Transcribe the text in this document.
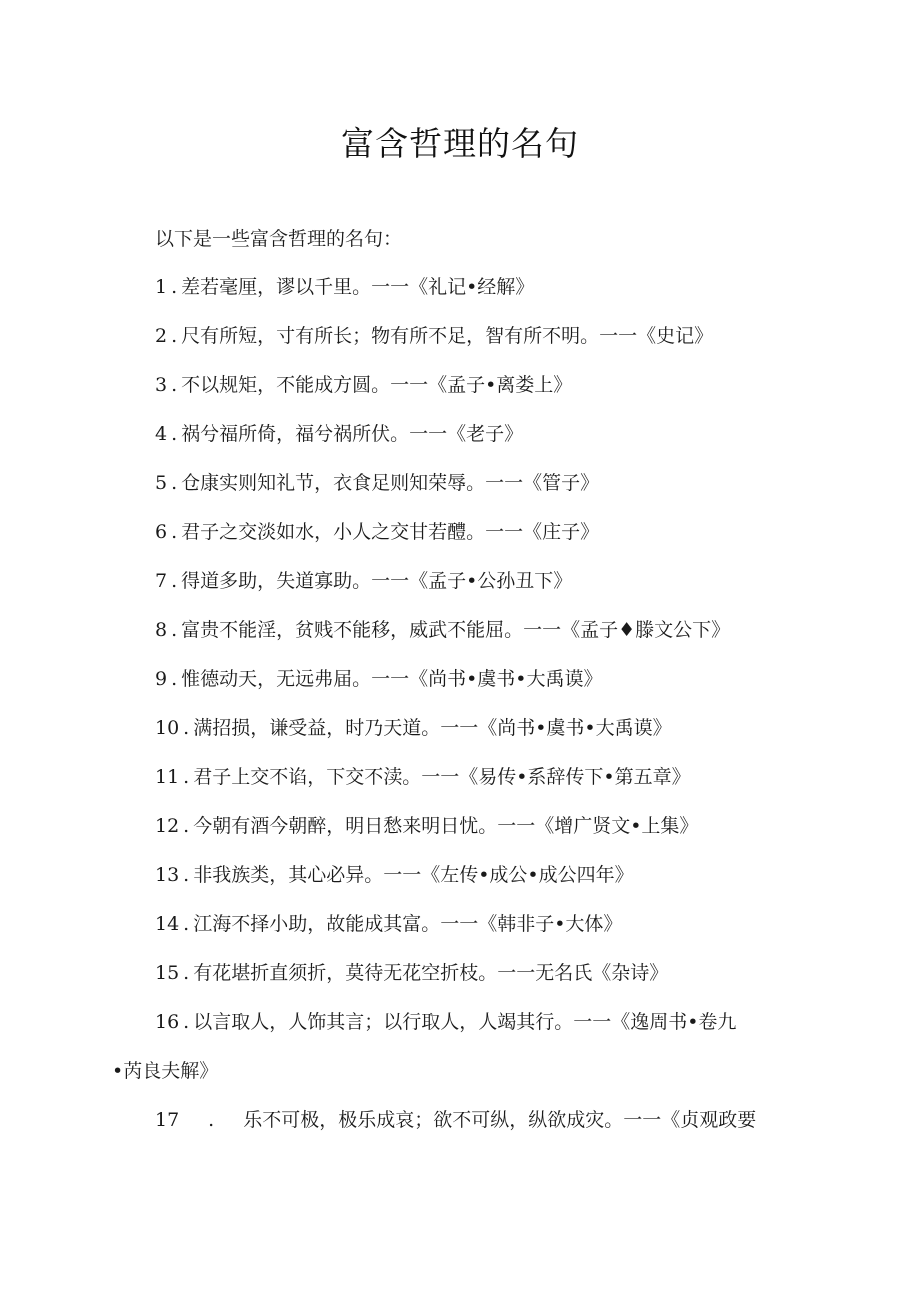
富含哲理的名句
以下是一些富含哲理的名句：
1 . 差若毫厘，谬以千里。一一《礼记•经解》
2 . 尺有所短，寸有所长；物有所不足，智有所不明。一一《史记》
3 . 不以规矩，不能成方圆。一一《孟子•离娄上》
4 . 祸兮福所倚，福兮祸所伏。一一《老子》
5 . 仓康实则知礼节，衣食足则知荣辱。一一《管子》
6 . 君子之交淡如水，小人之交甘若醴。一一《庄子》
7 . 得道多助，失道寡助。一一《孟子•公孙丑下》
8 . 富贵不能淫，贫贱不能移，威武不能屈。一一《孟子♦滕文公下》
9 . 惟德动天，无远弗届。一一《尚书•虞书•大禹谟》
10 . 满招损，谦受益，时乃天道。一一《尚书•虞书•大禹谟》
11 . 君子上交不谄，下交不渎。一一《易传•系辞传下•第五章》
12 . 今朝有酒今朝醉，明日愁来明日忧。一一《增广贤文•上集》
13 . 非我族类，其心必异。一一《左传•成公•成公四年》
14 . 江海不择小助，故能成其富。一一《韩非子•大体》
15 . 有花堪折直须折，莫待无花空折枝。一一无名氏《杂诗》
16 . 以言取人，人饰其言；以行取人，人竭其行。一一《逸周书•卷九
•芮良夫解》
17 . 乐不可极，极乐成哀；欲不可纵，纵欲成灾。一一《贞观政要
